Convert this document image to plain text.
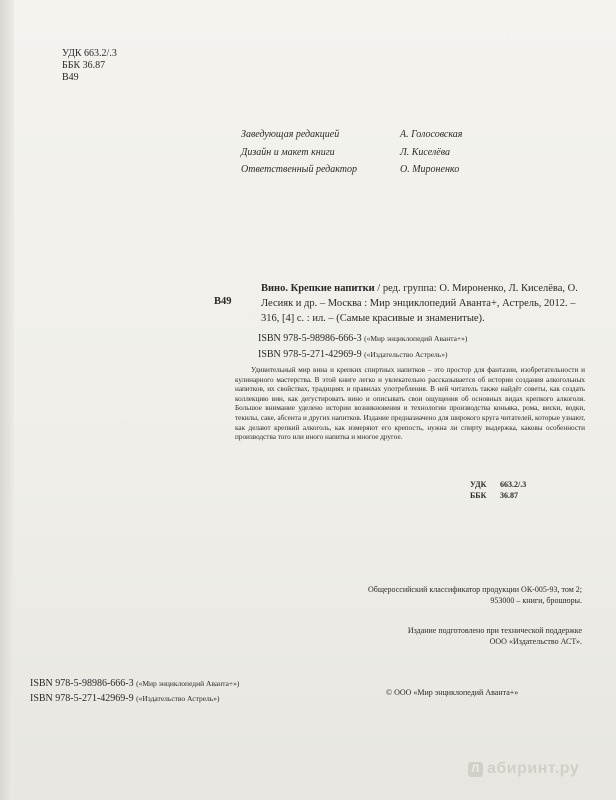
УДК 663.2/.3
ББК 36.87
В49
Заведующая редакцией	А. Голосовская
Дизайн и макет книги	Л. Киселёва
Ответственный редактор	О. Мироненко
В49
Вино. Крепкие напитки / ред. группа: О. Мироненко, Л. Киселёва, О. Лесияк и др. – Москва : Мир энциклопедий Аванта+, Астрель, 2012. – 316, [4] с. : ил. – (Самые красивые и знаменитые).
ISBN 978-5-98986-666-3 («Мир энциклопедий Аванта+»)
ISBN 978-5-271-42969-9 («Издательство Астрель»)
Удивительный мир вина и крепких спиртных напитков – это простор для фантазии, изобретательности и кулинарного мастерства. В этой книге легко и увлекательно рассказывается об истории создания алкогольных напитков, их свойствах, традициях и правилах употребления. В ней читатель также найдёт советы, как создать коллекцию вин, как дегустировать вино и описывать свои ощущения об основных видах крепкого алкоголя. Большое внимание уделено истории возникновения и технологии производства коньяка, рома, виски, водки, текилы, саке, абсента и других напитков. Издание предназначено для широкого круга читателей, которые узнают, как делают крепкий алкоголь, как измеряют его крепость, нужна ли спирту выдержка, каковы особенности производства того или иного напитка и многое другое.
УДК 663.2/.3
ББК 36.87
Общероссийский классификатор продукции ОК-005-93, том 2;
953000 – книги, брошюры.
Издание подготовлено при технической поддержке
ООО «Издательство АСТ».
ISBN 978-5-98986-666-3 («Мир энциклопедий Аванта+»)
ISBN 978-5-271-42969-9 («Издательство Астрель»)
© ООО «Мир энциклопедий Аванта+»
Л абиринт.ру
